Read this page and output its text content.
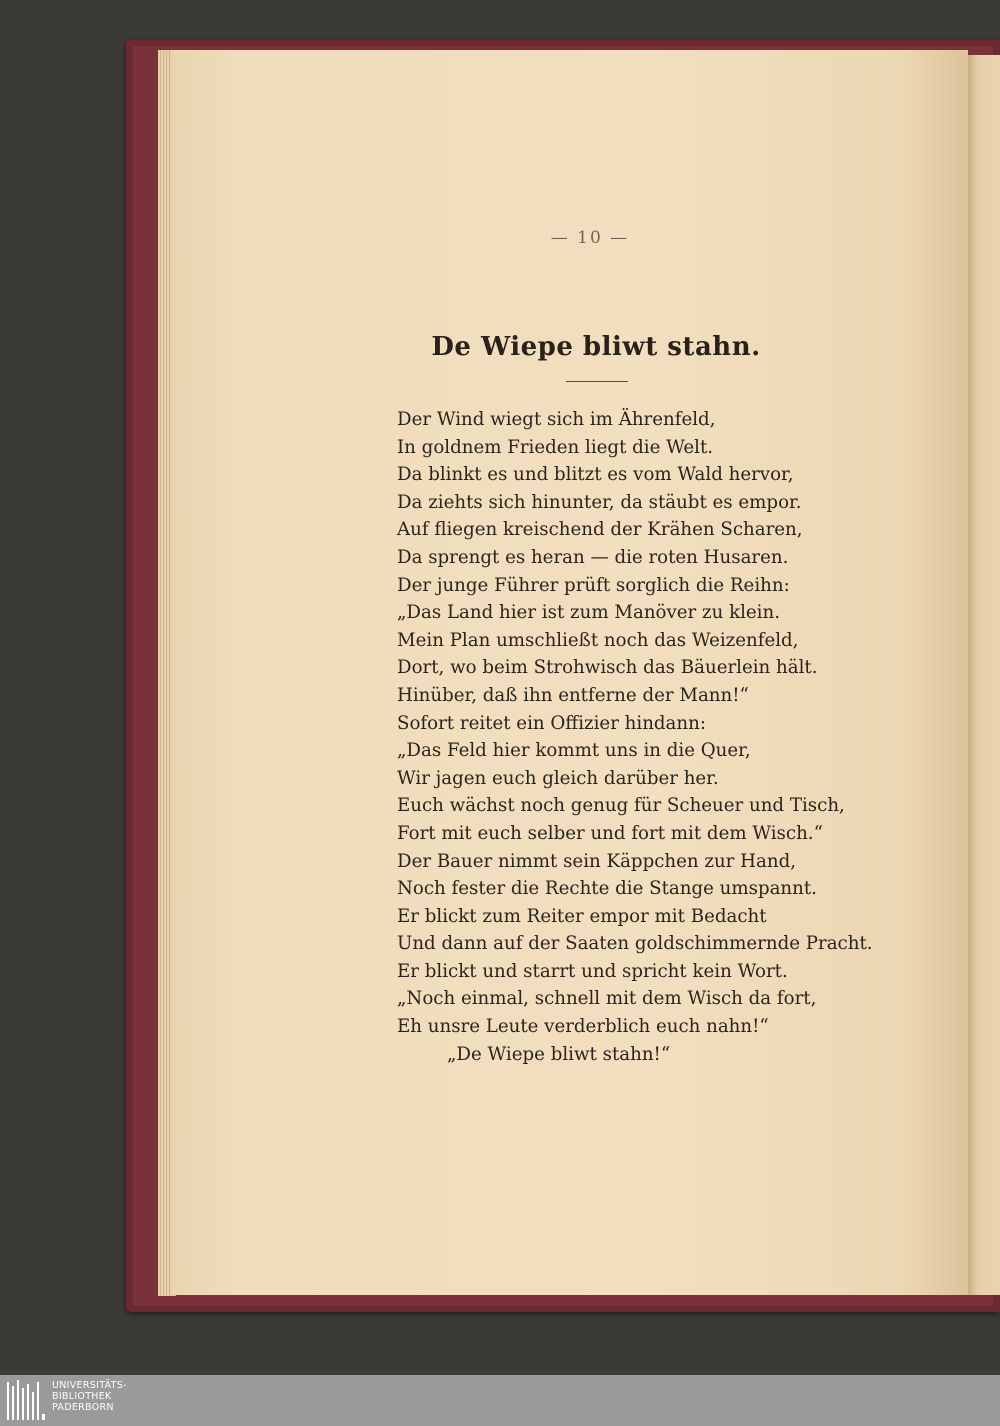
— 10 —
De Wiepe bliwt stahn.
Der Wind wiegt sich im Ährenfeld,
In goldnem Frieden liegt die Welt.
Da blinkt es und blitzt es vom Wald hervor,
Da ziehts sich hinunter, da stäubt es empor.
Auf fliegen kreischend der Krähen Scharen,
Da sprengt es heran — die roten Husaren.
Der junge Führer prüft sorglich die Reihn:
„Das Land hier ist zum Manöver zu klein.
Mein Plan umschließt noch das Weizenfeld,
Dort, wo beim Strohwisch das Bäuerlein hält.
Hinüber, daß ihn entferne der Mann!“
Sofort reitet ein Offizier hindann:
„Das Feld hier kommt uns in die Quer,
Wir jagen euch gleich darüber her.
Euch wächst noch genug für Scheuer und Tisch,
Fort mit euch selber und fort mit dem Wisch.“
Der Bauer nimmt sein Käppchen zur Hand,
Noch fester die Rechte die Stange umspannt.
Er blickt zum Reiter empor mit Bedacht
Und dann auf der Saaten goldschimmernde Pracht.
Er blickt und starrt und spricht kein Wort.
„Noch einmal, schnell mit dem Wisch da fort,
Eh unsre Leute verderblich euch nahn!“
„De Wiepe bliwt stahn!“
UNIVERSITÄTS-
BIBLIOTHEK
PADERBORN
